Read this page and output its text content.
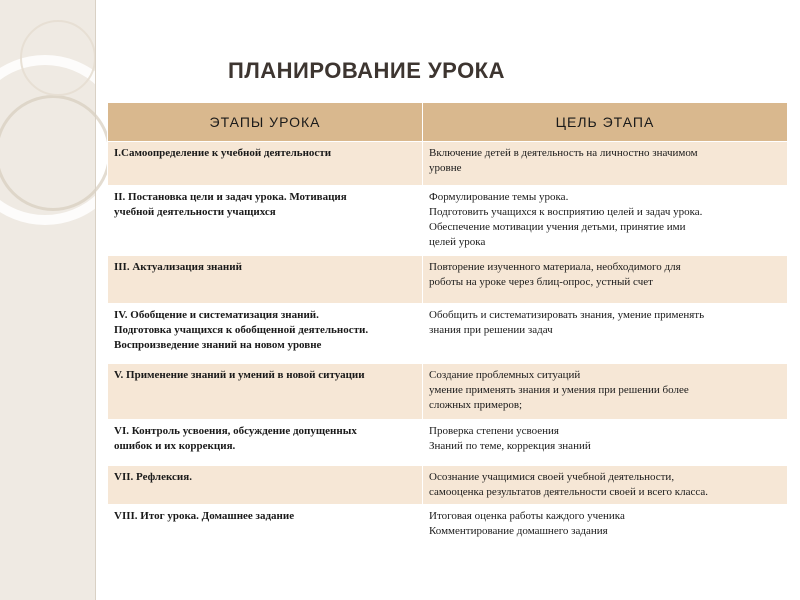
ПЛАНИРОВАНИЕ УРОКА
ЭТАПЫ УРОКА	ЦЕЛЬ ЭТАПА

I.Самоопределение к учебной деятельности	Включение детей в деятельность на личностно значимом
уровне

II. Постановка цели и задач урока. Мотивация
учебной деятельности учащихся	Формулирование темы урока.
Подготовить учащихся к восприятию целей и задач урока.
Обеспечение мотивации учения детьми, принятие ими
целей урока

III. Актуализация знаний	Повторение изученного материала, необходимого для
роботы на уроке через блиц-опрос, устный счет

IV. Обобщение и систематизация знаний.
Подготовка учащихся к обобщенной деятельности.
Воспроизведение знаний на новом уровне	Обобщить и систематизировать знания, умение применять
знания при решении задач

V. Применение знаний и умений в новой ситуации	Создание проблемных ситуаций
умение применять знания и умения при решении более
сложных примеров;

VI. Контроль усвоения, обсуждение допущенных
ошибок и их коррекция.	Проверка степени усвоения
Знаний по теме, коррекция знаний

VII. Рефлексия.	Осознание учащимися своей учебной деятельности,
самооценка результатов деятельности своей и всего класса.

VIII. Итог урока. Домашнее задание	Итоговая оценка работы каждого ученика
Комментирование домашнего задания
